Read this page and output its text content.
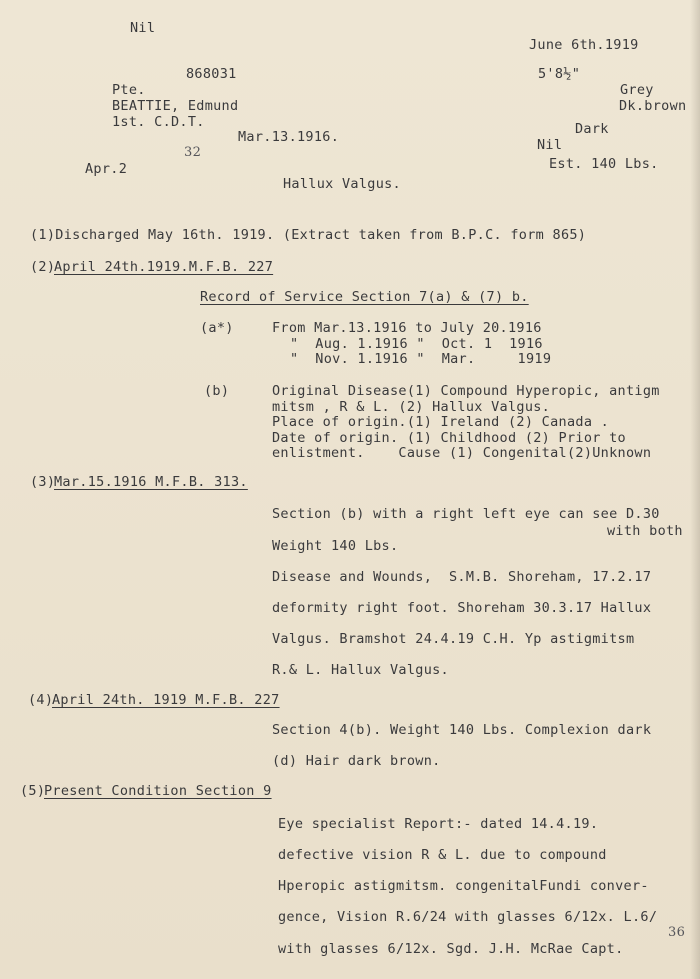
Nil
June 6th.1919
868031	5'8½"
Pte.	Grey
BEATTIE, Edmund	Dk.brown
1st. C.D.T.	Dark
Mar.13.1916.	Nil
32
Est. 140 Lbs.
Apr.2
Hallux Valgus.
(1)Discharged May 16th. 1919. (Extract taken from B.P.C. form 865)
(2)
April 24th.1919.M.F.B. 227
Record of Service Section 7(a) & (7) b.
(a*)	From Mar.13.1916 to July 20.1916
"  Aug. 1.1916 "  Oct. 1  1916
"  Nov. 1.1916 "  Mar.     1919
(b)	Original Disease(1) Compound Hyperopic, antigm
mitsm , R & L. (2) Hallux Valgus.
Place of origin.(1) Ireland (2) Canada .
Date of origin. (1) Childhood (2) Prior to
enlistment.    Cause (1) Congenital(2)Unknown
(3)
Mar.15.1916 M.F.B. 313.
Section (b) with a right left eye can see D.30
with both
Weight 140 Lbs.
Disease and Wounds,  S.M.B. Shoreham, 17.2.17
deformity right foot. Shoreham 30.3.17 Hallux
Valgus. Bramshot 24.4.19 C.H. Yp astigmitsm
R.& L. Hallux Valgus.
(4)
April 24th. 1919 M.F.B. 227
Section 4(b). Weight 140 Lbs. Complexion dark
(d) Hair dark brown.
(5)
Present Condition Section 9
Eye specialist Report:- dated 14.4.19.
defective vision R & L. due to compound
Hperopic astigmitsm. congenitalFundi conver-
gence, Vision R.6/24 with glasses 6/12x. L.6/
36
with glasses 6/12x. Sgd. J.H. McRae Capt.
